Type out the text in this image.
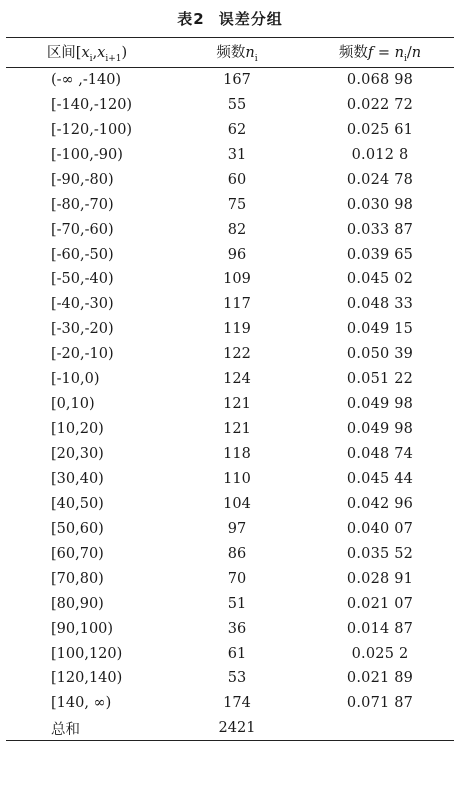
表2 误差分组
区间$[x_i,x_{i+1})$	频数$n_i$	频数$f = n_i/n$
(-∞ ,-140)	167	0.068 98
[-140,-120)	55	0.022 72
[-120,-100)	62	0.025 61
[-100,-90)	31	0.012 8
[-90,-80)	60	0.024 78
[-80,-70)	75	0.030 98
[-70,-60)	82	0.033 87
[-60,-50)	96	0.039 65
[-50,-40)	109	0.045 02
[-40,-30)	117	0.048 33
[-30,-20)	119	0.049 15
[-20,-10)	122	0.050 39
[-10,0)	124	0.051 22
[0,10)	121	0.049 98
[10,20)	121	0.049 98
[20,30)	118	0.048 74
[30,40)	110	0.045 44
[40,50)	104	0.042 96
[50,60)	97	0.040 07
[60,70)	86	0.035 52
[70,80)	70	0.028 91
[80,90)	51	0.021 07
[90,100)	36	0.014 87
[100,120)	61	0.025 2
[120,140)	53	0.021 89
[140, ∞)	174	0.071 87
总和	2421	
